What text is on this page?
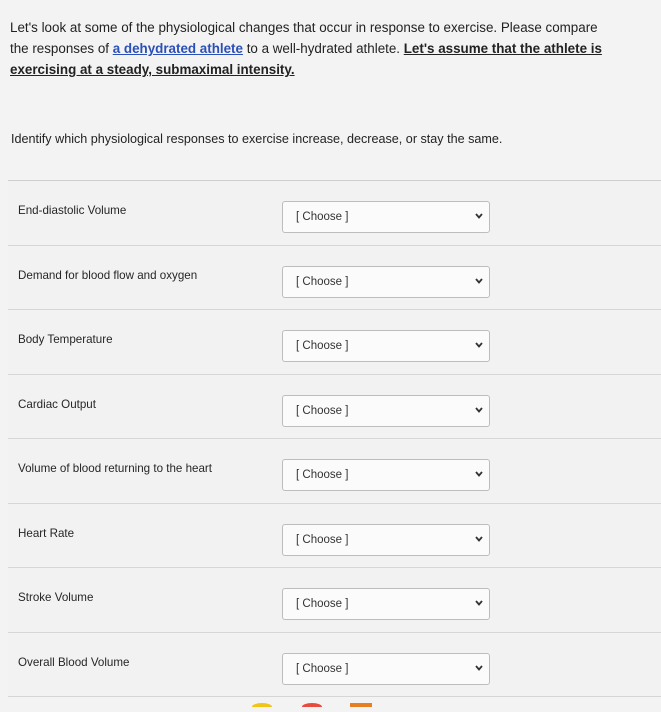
Let's look at some of the physiological changes that occur in response to exercise. Please compare
the responses of a dehydrated athlete to a well-hydrated athlete. Let's assume that the athlete is
exercising at a steady, submaximal intensity.
Identify which physiological responses to exercise increase, decrease, or stay the same.
End-diastolic Volume	[ Choose ]
Demand for blood flow and oxygen	[ Choose ]
Body Temperature	[ Choose ]
Cardiac Output	[ Choose ]
Volume of blood returning to the heart	[ Choose ]
Heart Rate	[ Choose ]
Stroke Volume	[ Choose ]
Overall Blood Volume	[ Choose ]
